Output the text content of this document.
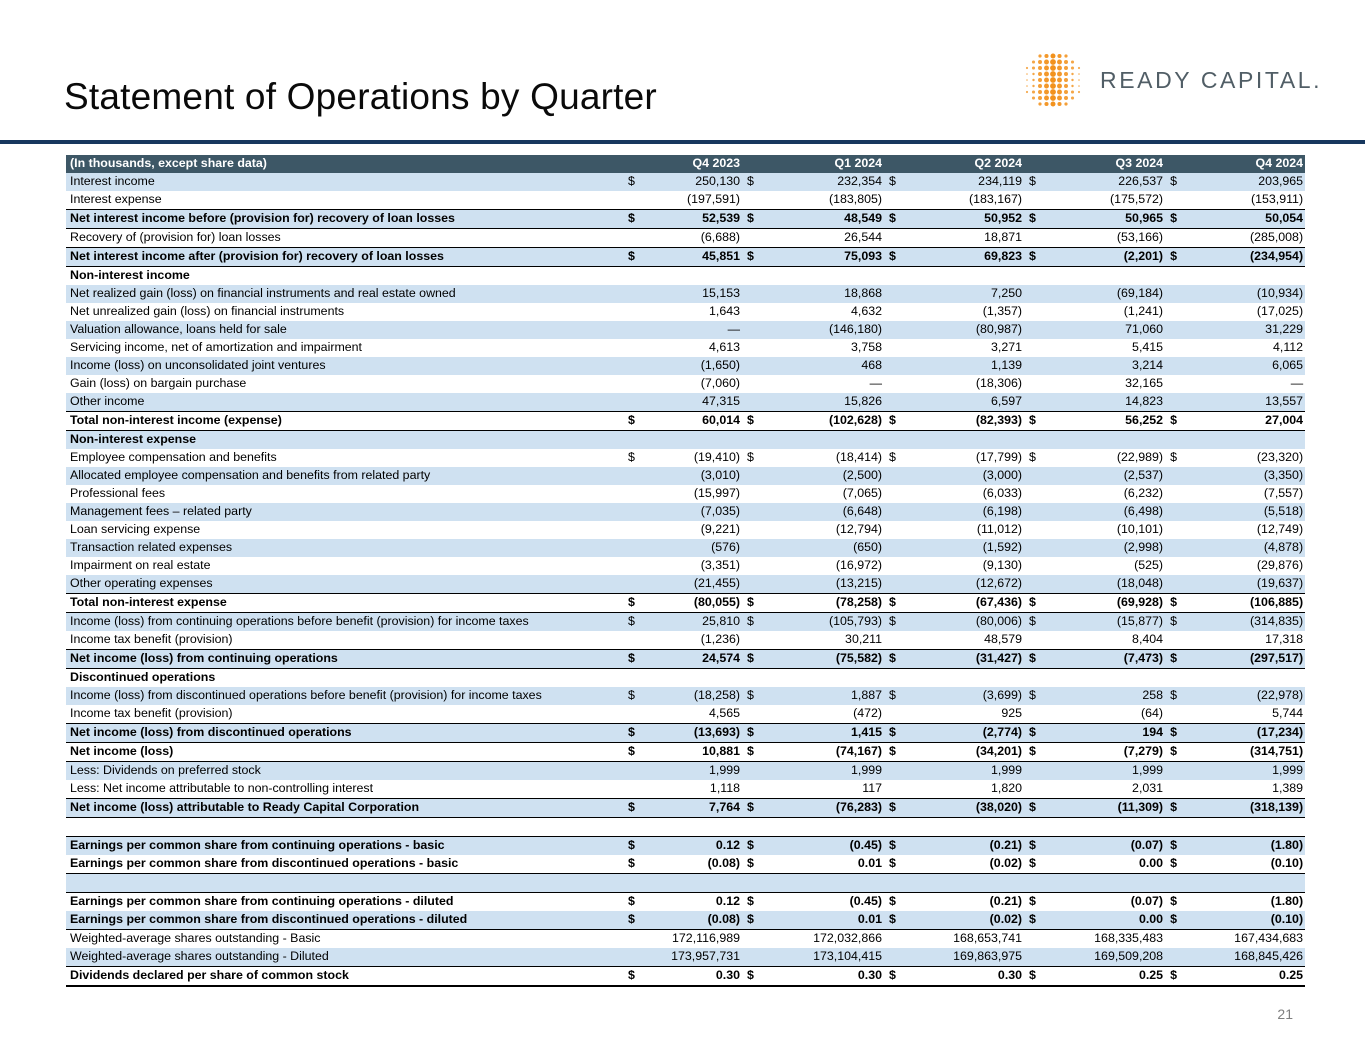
Statement of Operations by Quarter	READY CAPITAL.
(In thousands, except share data)	Q4 2023		Q1 2024		Q2 2024		Q3 2024		Q4 2024	
Interest income	$	250,130	$	232,354	$	234,119	$	226,537	$	203,965
Interest expense		(197,591)		(183,805)		(183,167)		(175,572)		(153,911)
Net interest income before (provision for) recovery of loan losses	$	52,539	$	48,549	$	50,952	$	50,965	$	50,054
Recovery of (provision for) loan losses		(6,688)		26,544		18,871		(53,166)		(285,008)
Net interest income after (provision for) recovery of loan losses	$	45,851	$	75,093	$	69,823	$	(2,201)	$	(234,954)
Non-interest income										
Net realized gain (loss) on financial instruments and real estate owned		15,153		18,868		7,250		(69,184)		(10,934)
Net unrealized gain (loss) on financial instruments		1,643		4,632		(1,357)		(1,241)		(17,025)
Valuation allowance, loans held for sale		—		(146,180)		(80,987)		71,060		31,229
Servicing income, net of amortization and impairment		4,613		3,758		3,271		5,415		4,112
Income (loss) on unconsolidated joint ventures		(1,650)		468		1,139		3,214		6,065
Gain (loss) on bargain purchase		(7,060)		—		(18,306)		32,165		—
Other income		47,315		15,826		6,597		14,823		13,557
Total non-interest income (expense)	$	60,014	$	(102,628)	$	(82,393)	$	56,252	$	27,004
Non-interest expense										
Employee compensation and benefits	$	(19,410)	$	(18,414)	$	(17,799)	$	(22,989)	$	(23,320)
Allocated employee compensation and benefits from related party		(3,010)		(2,500)		(3,000)		(2,537)		(3,350)
Professional fees		(15,997)		(7,065)		(6,033)		(6,232)		(7,557)
Management fees – related party		(7,035)		(6,648)		(6,198)		(6,498)		(5,518)
Loan servicing expense		(9,221)		(12,794)		(11,012)		(10,101)		(12,749)
Transaction related expenses		(576)		(650)		(1,592)		(2,998)		(4,878)
Impairment on real estate		(3,351)		(16,972)		(9,130)		(525)		(29,876)
Other operating expenses		(21,455)		(13,215)		(12,672)		(18,048)		(19,637)
Total non-interest expense	$	(80,055)	$	(78,258)	$	(67,436)	$	(69,928)	$	(106,885)
Income (loss) from continuing operations before benefit (provision) for income taxes	$	25,810	$	(105,793)	$	(80,006)	$	(15,877)	$	(314,835)
Income tax benefit (provision)		(1,236)		30,211		48,579		8,404		17,318
Net income (loss) from continuing operations	$	24,574	$	(75,582)	$	(31,427)	$	(7,473)	$	(297,517)
Discontinued operations										
Income (loss) from discontinued operations before benefit (provision) for income taxes	$	(18,258)	$	1,887	$	(3,699)	$	258	$	(22,978)
Income tax benefit (provision)		4,565		(472)		925		(64)		5,744
Net income (loss) from discontinued operations	$	(13,693)	$	1,415	$	(2,774)	$	194	$	(17,234)
Net income (loss)	$	10,881	$	(74,167)	$	(34,201)	$	(7,279)	$	(314,751)
Less: Dividends on preferred stock		1,999		1,999		1,999		1,999		1,999
Less: Net income attributable to non-controlling interest		1,118		117		1,820		2,031		1,389
Net income (loss) attributable to Ready Capital Corporation	$	7,764	$	(76,283)	$	(38,020)	$	(11,309)	$	(318,139)

Earnings per common share from continuing operations - basic	$	0.12	$	(0.45)	$	(0.21)	$	(0.07)	$	(1.80)
Earnings per common share from discontinued operations - basic	$	(0.08)	$	0.01	$	(0.02)	$	0.00	$	(0.10)

Earnings per common share from continuing operations - diluted	$	0.12	$	(0.45)	$	(0.21)	$	(0.07)	$	(1.80)
Earnings per common share from discontinued operations - diluted	$	(0.08)	$	0.01	$	(0.02)	$	0.00	$	(0.10)
Weighted-average shares outstanding - Basic		172,116,989		172,032,866		168,653,741		168,335,483		167,434,683
Weighted-average shares outstanding - Diluted		173,957,731		173,104,415		169,863,975		169,509,208		168,845,426
Dividends declared per share of common stock	$	0.30	$	0.30	$	0.30	$	0.25	$	0.25
21
